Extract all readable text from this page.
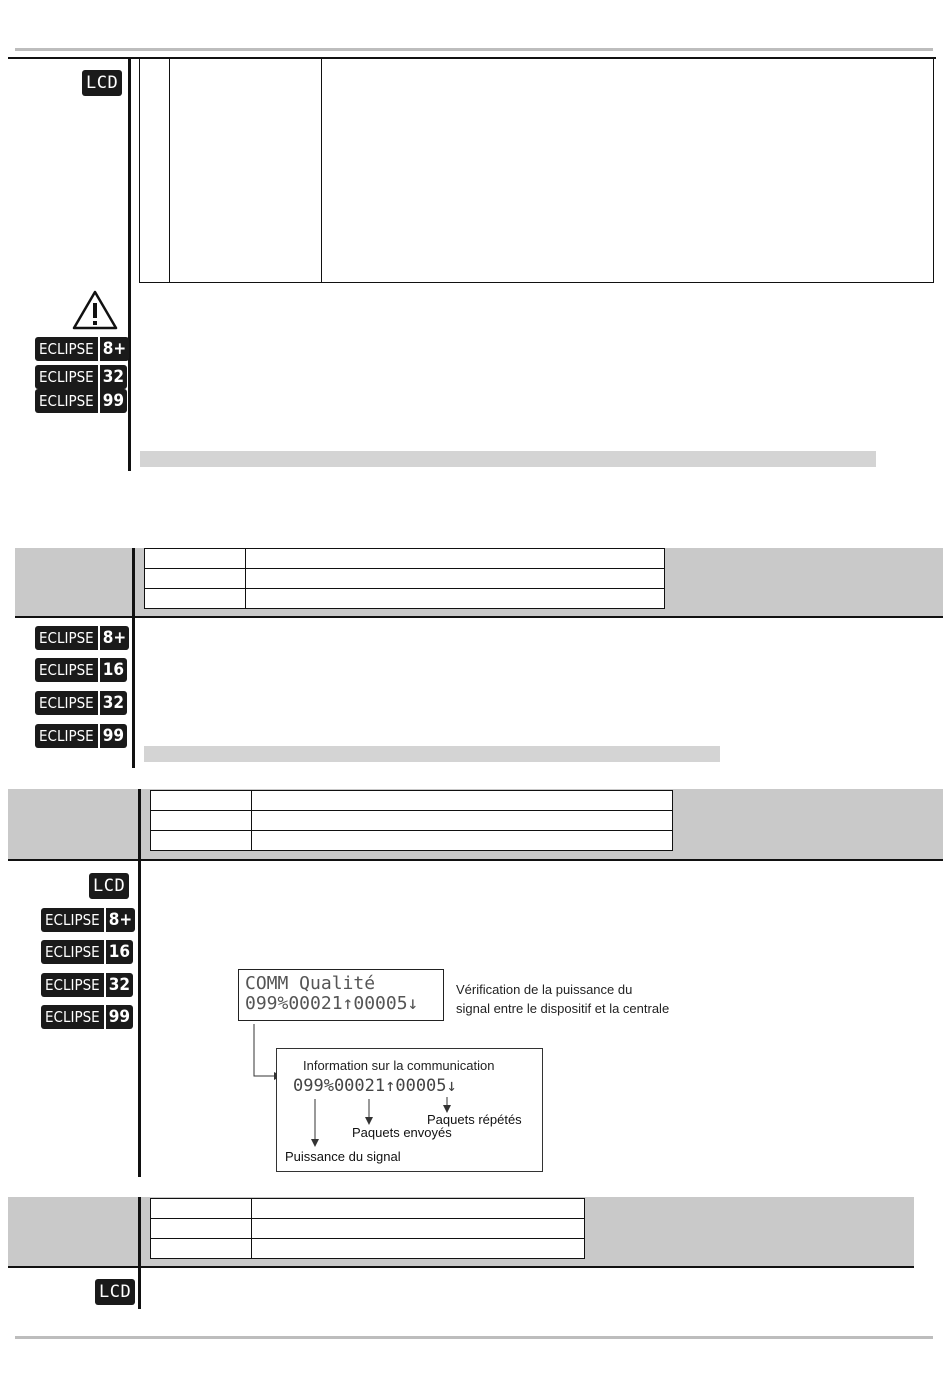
LCD
ECLIPSE 8+
ECLIPSE 32
ECLIPSE 99

ECLIPSE 8+
ECLIPSE 16
ECLIPSE 32
ECLIPSE 99

LCD
ECLIPSE 8+
ECLIPSE 16
ECLIPSE 32
ECLIPSE 99
COMM Qualité
099%00021↑00005↓
Vérification de la puissance du
signal entre le dispositif et la centrale
Information sur la communication
099%00021↑00005↓
Paquets répétés
Paquets envoyés
Puissance du signal

LCD
